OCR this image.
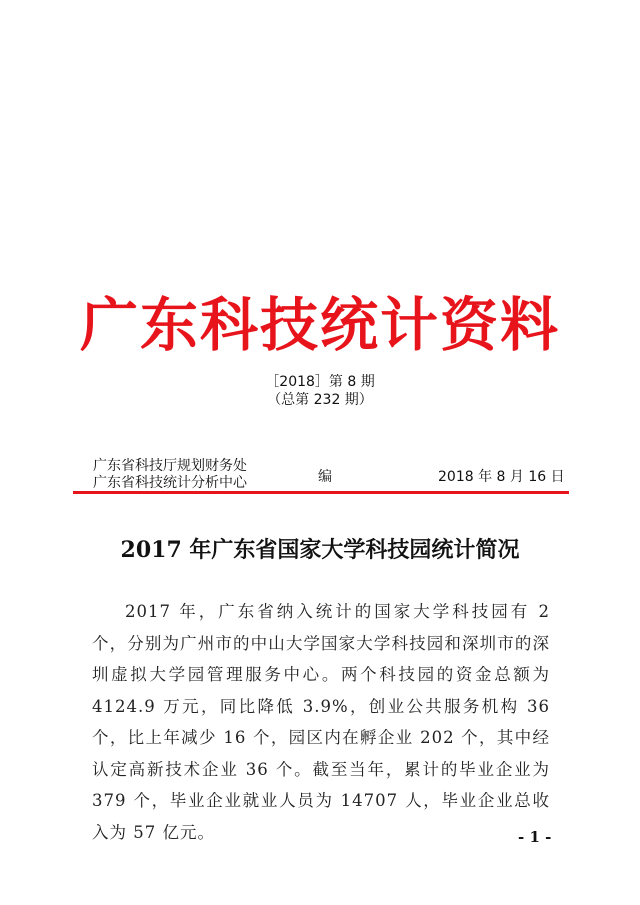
广东科技统计资料
［2018］第 8 期
（总第 232 期）
广东省科技厅规划财务处
广东省科技统计分析中心	编	2018 年 8 月 16 日
2017 年广东省国家大学科技园统计简况
2017 年，广东省纳入统计的国家大学科技园有 2 个，分别为广州市的中山大学国家大学科技园和深圳市的深圳虚拟大学园管理服务中心。两个科技园的资金总额为 4124.9 万元，同比降低 3.9%，创业公共服务机构 36 个，比上年减少 16 个，园区内在孵企业 202 个，其中经认定高新技术企业 36 个。截至当年，累计的毕业企业为 379 个，毕业企业就业人员为 14707 人，毕业企业总收入为 57 亿元。	- 1 -
